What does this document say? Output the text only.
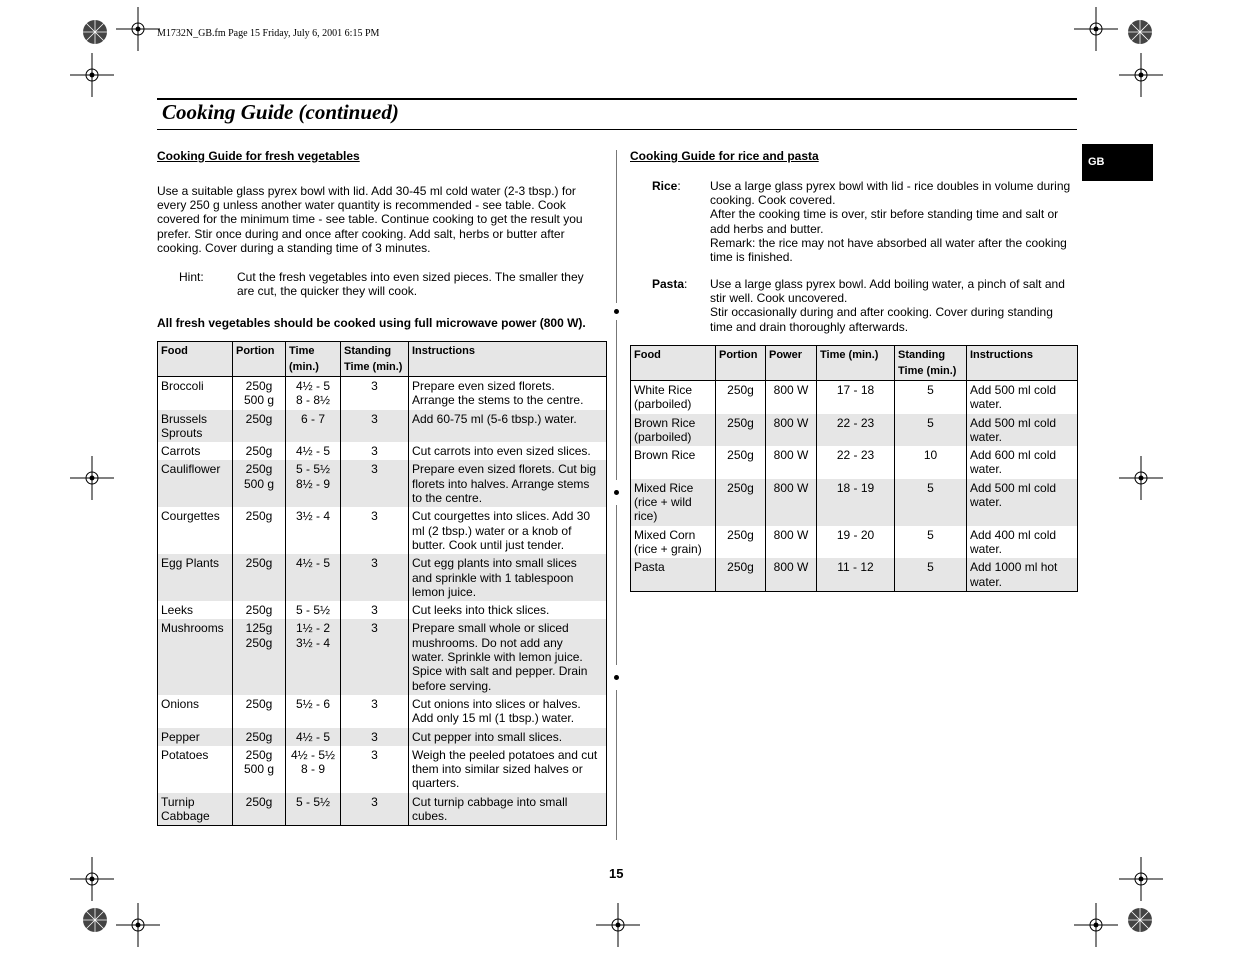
M1732N_GB.fm Page 15 Friday, July 6, 2001 6:15 PM
Cooking Guide (continued)
GB
Cooking Guide for fresh vegetables
Use a suitable glass pyrex bowl with lid. Add 30-45 ml cold water (2-3 tbsp.) for
every 250 g unless another water quantity is recommended - see table. Cook
covered for the minimum time - see table. Continue cooking to get the result you
prefer. Stir once during and once after cooking. Add salt, herbs or butter after
cooking. Cover during a standing time of 3 minutes.
Hint:	Cut the fresh vegetables into even sized pieces. The smaller they
are cut, the quicker they will cook.
All fresh vegetables should be cooked using full microwave power (800 W).
Food	Portion	Time (min.)	Standing Time (min.)	Instructions
Broccoli	250g
500 g	4½ - 5
8 - 8½	3	Prepare even sized florets.
Arrange the stems to the centre.
Brussels
Sprouts	250g	6 - 7	3	Add 60-75 ml (5-6 tbsp.) water.
Carrots	250g	4½ - 5	3	Cut carrots into even sized slices.
Cauliflower	250g
500 g	5 - 5½
8½ - 9	3	Prepare even sized florets. Cut big
florets into halves. Arrange stems
to the centre.

Courgettes	250g	3½ - 4	3	Cut courgettes into slices. Add 30
ml (2 tbsp.) water or a knob of
butter. Cook until just tender.
Egg Plants	250g	4½ - 5	3	Cut egg plants into small slices
and sprinkle with 1 tablespoon
lemon juice.
Leeks	250g	5 - 5½	3	Cut leeks into thick slices.
Mushrooms	125g
250g	1½ - 2
3½ - 4	3	Prepare small whole or sliced
mushrooms. Do not add any
water. Sprinkle with lemon juice.
Spice with salt and pepper. Drain
before serving.
Onions	250g	5½ - 6	3	Cut onions into slices or halves.
Add only 15 ml (1 tbsp.) water.
Pepper	250g	4½ - 5	3	Cut pepper into small slices.
Potatoes	250g
500 g	4½ - 5½
8 - 9	3	Weigh the peeled potatoes and cut
them into similar sized halves or
quarters.
Turnip
Cabbage	250g	5 - 5½	3	Cut turnip cabbage into small
cubes.
Cooking Guide for rice and pasta
Rice: Use a large glass pyrex bowl with lid - rice doubles in volume during
cooking. Cook covered.
After the cooking time is over, stir before standing time and salt or
add herbs and butter.
Remark: the rice may not have absorbed all water after the cooking
time is finished.
Pasta: Use a large glass pyrex bowl. Add boiling water, a pinch of salt and
stir well. Cook uncovered.
Stir occasionally during and after cooking. Cover during standing
time and drain thoroughly afterwards.
Food	Portion	Power	Time (min.)	Standing Time (min.)	Instructions
White Rice
(parboiled)	250g	800 W	17 - 18	5	Add 500 ml cold
water.
Brown Rice
(parboiled)	250g	800 W	22 - 23	5	Add 500 ml cold
water.
Brown Rice	250g	800 W	22 - 23	10	Add 600 ml cold
water.
Mixed Rice
(rice + wild
rice)	250g	800 W	18 - 19	5	Add 500 ml cold
water.
Mixed Corn
(rice + grain)	250g	800 W	19 - 20	5	Add 400 ml cold
water.
Pasta	250g	800 W	11 - 12	5	Add 1000 ml hot
water.
15
